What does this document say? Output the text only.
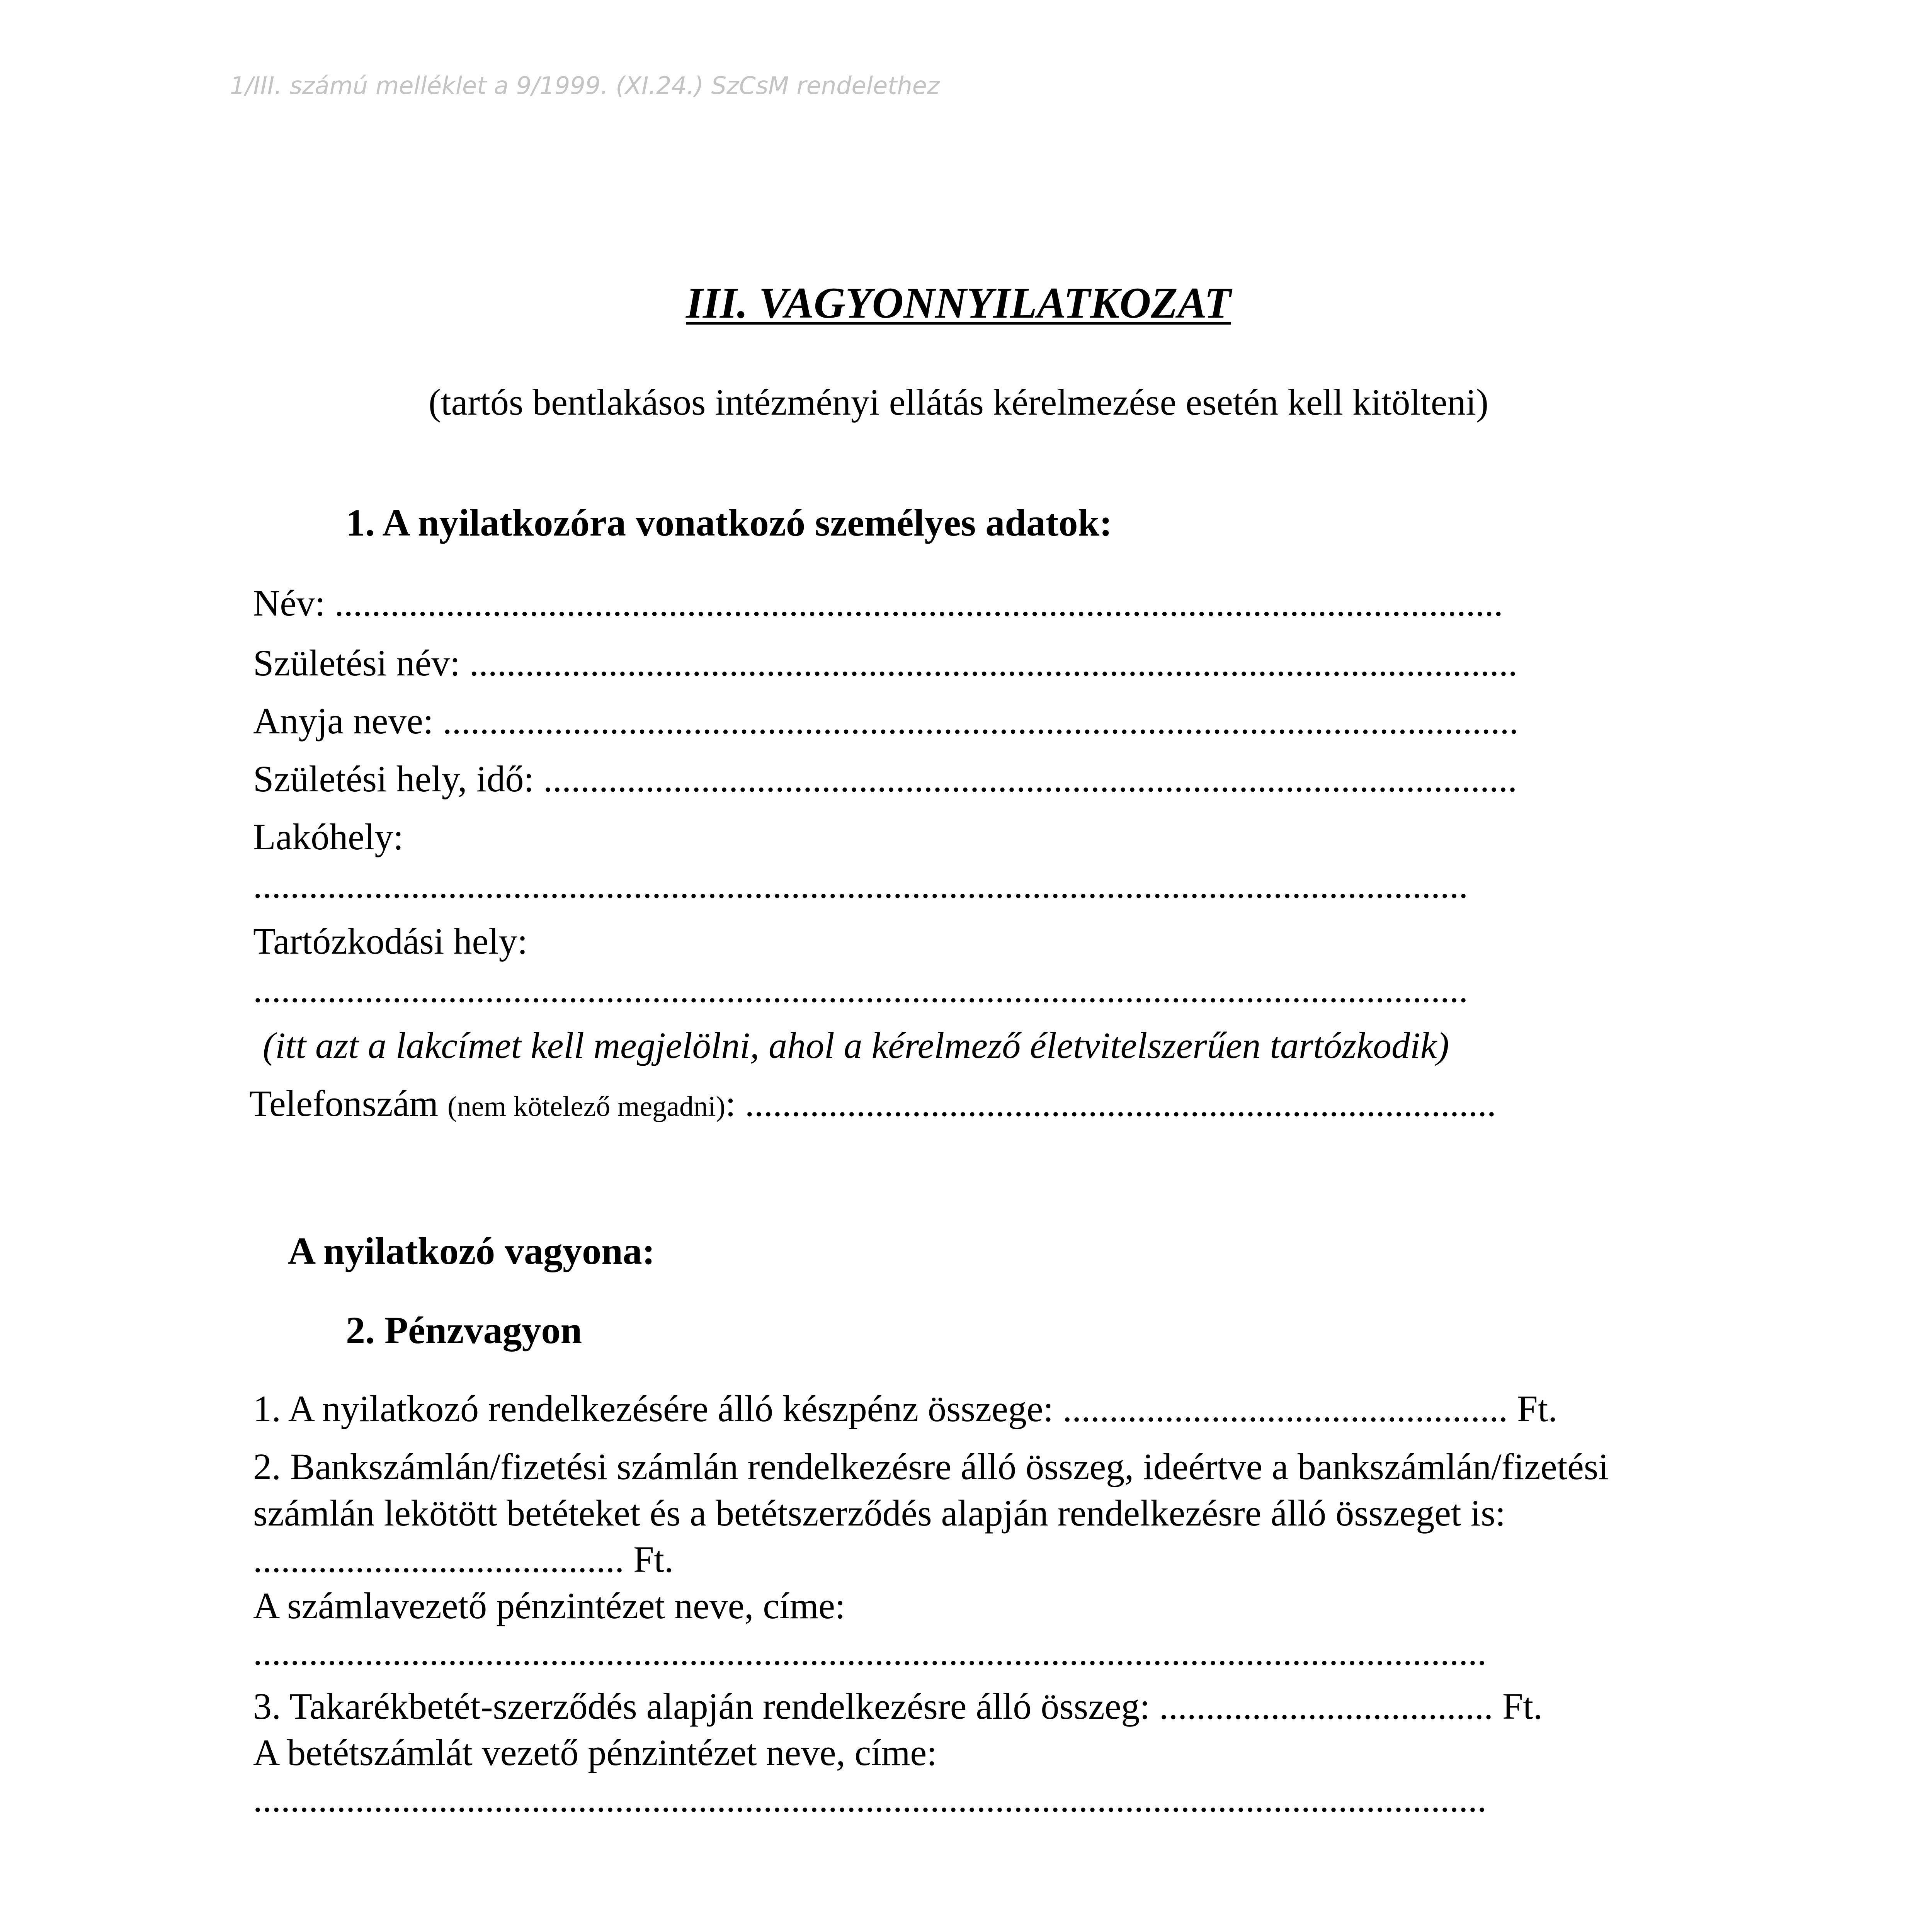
1/III. számú melléklet a 9/1999. (XI.24.) SzCsM rendelethez
III. VAGYONNYILATKOZAT
(tartós bentlakásos intézményi ellátás kérelmezése esetén kell kitölteni)
1. A nyilatkozóra vonatkozó személyes adatok:
Név: ..............................................................................................................................
Születési név: .................................................................................................................
Anyja neve: ....................................................................................................................
Születési hely, idő: .........................................................................................................
Lakóhely:
...................................................................................................................................
Tartózkodási hely:
...................................................................................................................................
(itt azt a lakcímet kell megjelölni, ahol a kérelmező életvitelszerűen tartózkodik)
Telefonszám (nem kötelező megadni): .................................................................................
A nyilatkozó vagyona:
2. Pénzvagyon
1. A nyilatkozó rendelkezésére álló készpénz összege: ................................................ Ft.
2. Bankszámlán/fizetési számlán rendelkezésre álló összeg, ideértve a bankszámlán/fizetési
számlán lekötött betéteket és a betétszerződés alapján rendelkezésre álló összeget is:
........................................ Ft.
A számlavezető pénzintézet neve, címe:
.....................................................................................................................................
3. Takarékbetét-szerződés alapján rendelkezésre álló összeg: .................................... Ft.
A betétszámlát vezető pénzintézet neve, címe:
.....................................................................................................................................
